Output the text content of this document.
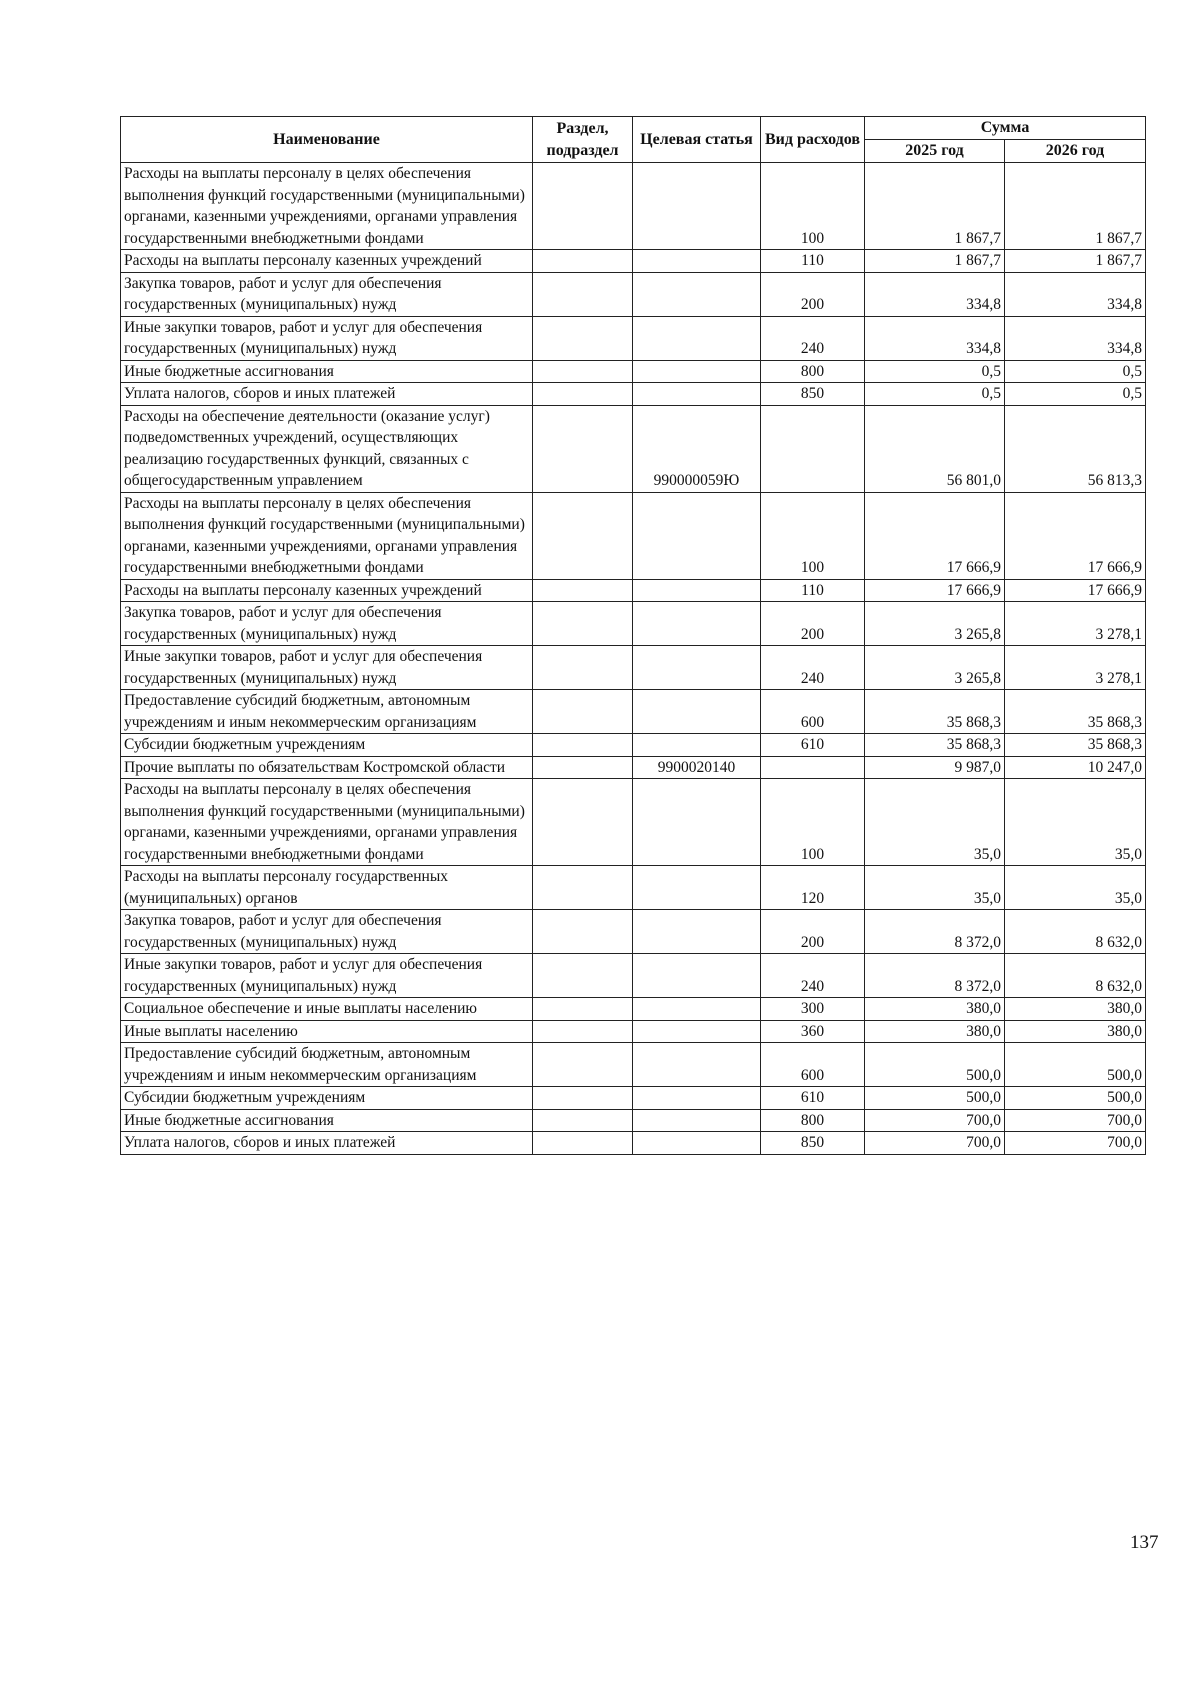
Наименование	Раздел, подраздел	Целевая статья	Вид расходов	Сумма	
				2025 год	2026 год
Расходы на выплаты персоналу в целях обеспечения выполнения функций государственными (муниципальными) органами, казенными учреждениями, органами управления государственными внебюджетными фондами			100	1 867,7	1 867,7
Расходы на выплаты персоналу казенных учреждений			110	1 867,7	1 867,7
Закупка товаров, работ и услуг для обеспечения государственных (муниципальных) нужд			200	334,8	334,8
Иные закупки товаров, работ и услуг для обеспечения государственных (муниципальных) нужд			240	334,8	334,8
Иные бюджетные ассигнования			800	0,5	0,5
Уплата налогов, сборов и иных платежей			850	0,5	0,5
Расходы на обеспечение деятельности (оказание услуг) подведомственных учреждений, осуществляющих реализацию государственных функций, связанных с общегосударственным управлением		990000059Ю		56 801,0	56 813,3
Расходы на выплаты персоналу в целях обеспечения выполнения функций государственными (муниципальными) органами, казенными учреждениями, органами управления государственными внебюджетными фондами			100	17 666,9	17 666,9
Расходы на выплаты персоналу казенных учреждений			110	17 666,9	17 666,9
Закупка товаров, работ и услуг для обеспечения государственных (муниципальных) нужд			200	3 265,8	3 278,1
Иные закупки товаров, работ и услуг для обеспечения государственных (муниципальных) нужд			240	3 265,8	3 278,1
Предоставление субсидий бюджетным, автономным учреждениям и иным некоммерческим организациям			600	35 868,3	35 868,3
Субсидии бюджетным учреждениям			610	35 868,3	35 868,3
Прочие выплаты по обязательствам Костромской области		9900020140		9 987,0	10 247,0
Расходы на выплаты персоналу в целях обеспечения выполнения функций государственными (муниципальными) органами, казенными учреждениями, органами управления государственными внебюджетными фондами			100	35,0	35,0
Расходы на выплаты персоналу государственных (муниципальных) органов			120	35,0	35,0
Закупка товаров, работ и услуг для обеспечения государственных (муниципальных) нужд			200	8 372,0	8 632,0
Иные закупки товаров, работ и услуг для обеспечения государственных (муниципальных) нужд			240	8 372,0	8 632,0
Социальное обеспечение и иные выплаты населению			300	380,0	380,0
Иные выплаты населению			360	380,0	380,0
Предоставление субсидий бюджетным, автономным учреждениям и иным некоммерческим организациям			600	500,0	500,0
Субсидии бюджетным учреждениям			610	500,0	500,0
Иные бюджетные ассигнования			800	700,0	700,0
Уплата налогов, сборов и иных платежей			850	700,0	700,0
137
